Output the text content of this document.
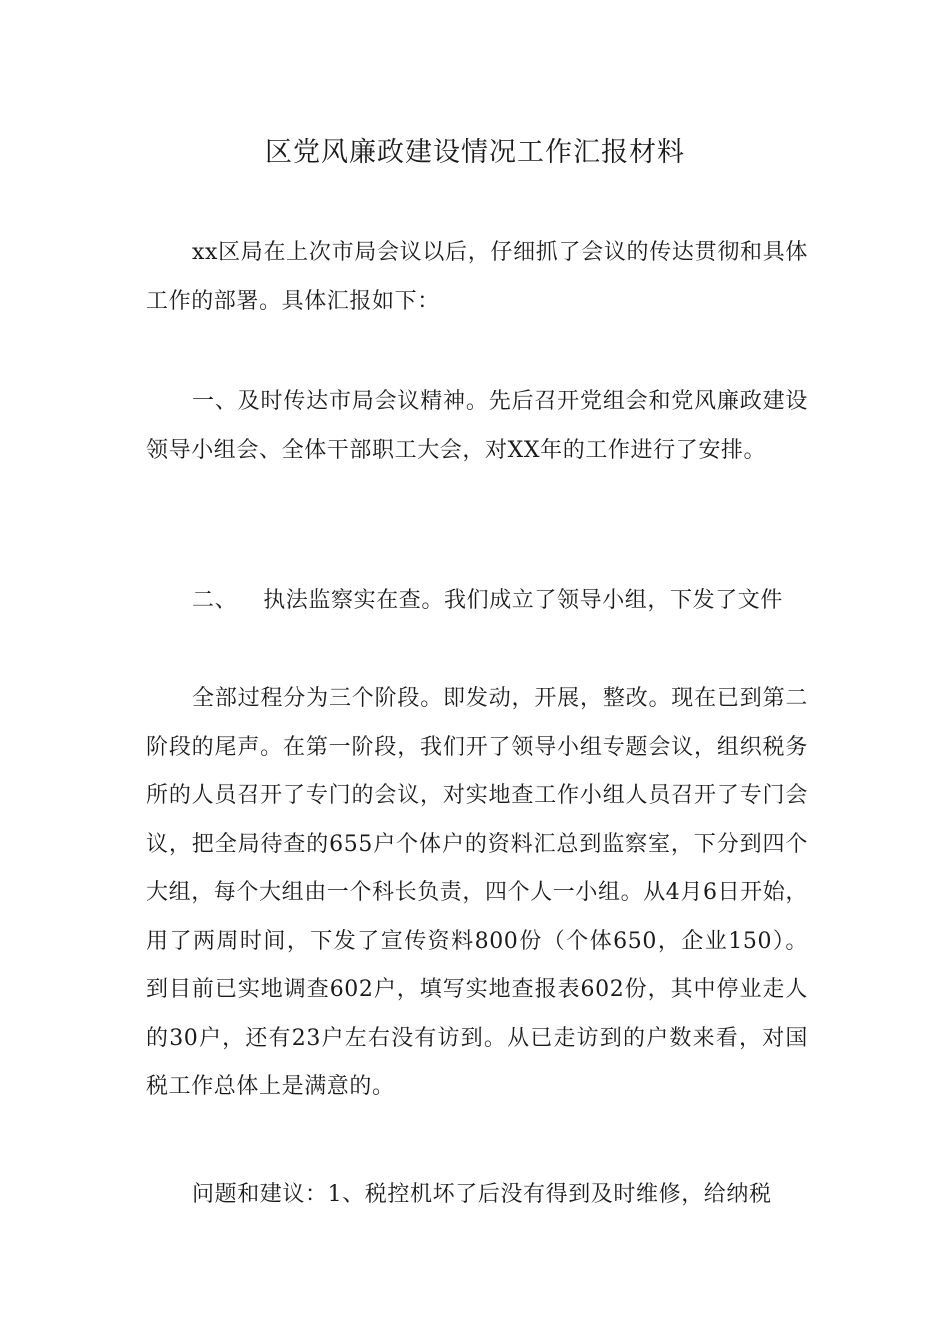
区党风廉政建设情况工作汇报材料

xx区局在上次市局会议以后，仔细抓了会议的传达贯彻和具体工作的部署。具体汇报如下：

一、及时传达市局会议精神。先后召开党组会和党风廉政建设领导小组会、全体干部职工大会，对XX年的工作进行了安排。

二、 执法监察实在查。我们成立了领导小组，下发了文件

全部过程分为三个阶段。即发动，开展，整改。现在已到第二阶段的尾声。在第一阶段，我们开了领导小组专题会议，组织税务所的人员召开了专门的会议，对实地查工作小组人员召开了专门会议，把全局待查的655户个体户的资料汇总到监察室，下分到四个大组，每个大组由一个科长负责，四个人一小组。从4月6日开始，用了两周时间，下发了宣传资料800份（个体650，企业150）。到目前已实地调查602户，填写实地查报表602份，其中停业走人的30户，还有23户左右没有访到。从已走访到的户数来看，对国税工作总体上是满意的。

问题和建议：1、税控机坏了后没有得到及时维修，给纳税
